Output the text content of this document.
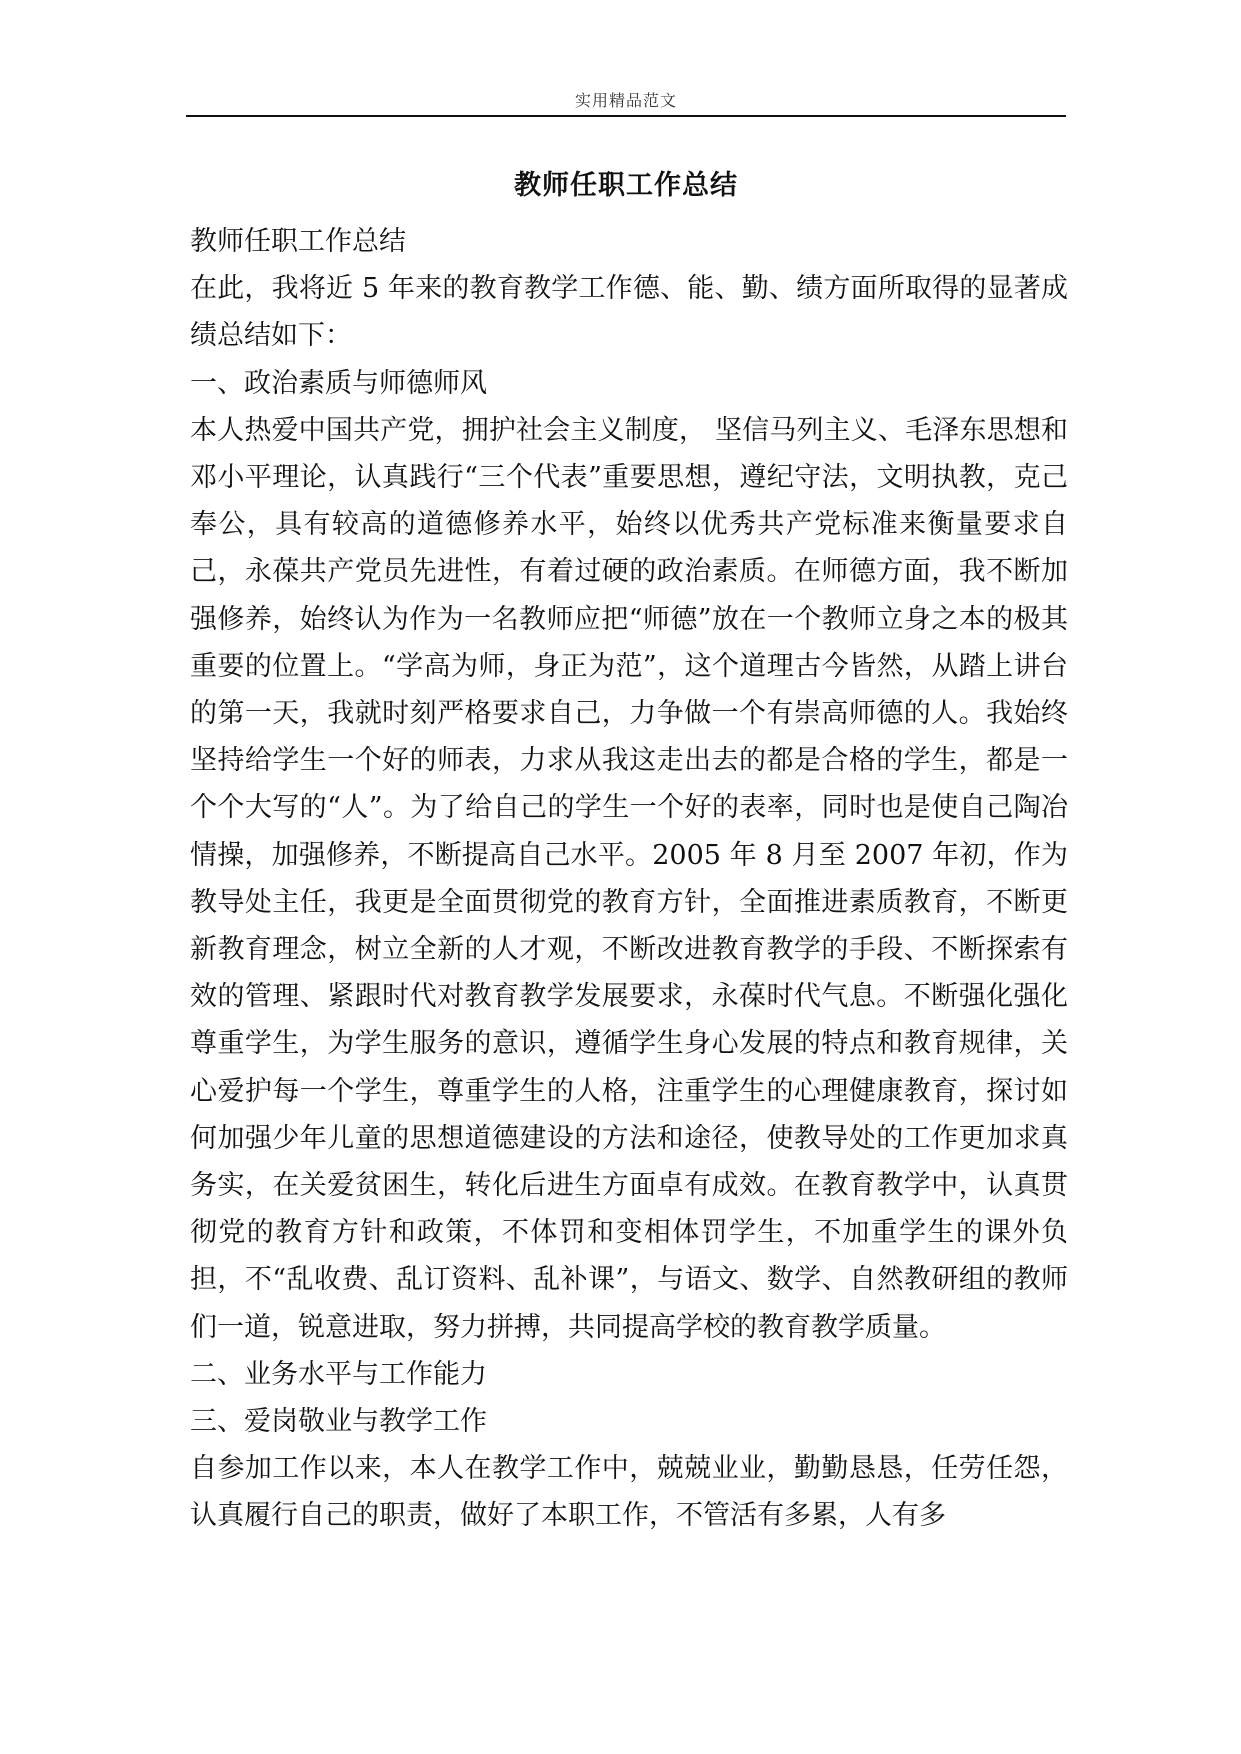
实用精品范文
教师任职工作总结

教师任职工作总结

在此，我将近 5 年来的教育教学工作德、能、勤、绩方面所取得的显著成绩总结如下：

一、政治素质与师德师风

本人热爱中国共产党，拥护社会主义制度， 坚信马列主义、毛泽东思想和邓小平理论，认真践行“三个代表”重要思想，遵纪守法，文明执教，克己奉公，具有较高的道德修养水平，始终以优秀共产党标准来衡量要求自己，永葆共产党员先进性，有着过硬的政治素质。在师德方面，我不断加强修养，始终认为作为一名教师应把“师德”放在一个教师立身之本的极其重要的位置上。“学高为师，身正为范”，这个道理古今皆然，从踏上讲台的第一天，我就时刻严格要求自己，力争做一个有崇高师德的人。我始终坚持给学生一个好的师表，力求从我这走出去的都是合格的学生，都是一个个大写的“人”。为了给自己的学生一个好的表率，同时也是使自己陶冶情操，加强修养，不断提高自己水平。2005 年 8 月至 2007 年初，作为教导处主任，我更是全面贯彻党的教育方针，全面推进素质教育，不断更新教育理念，树立全新的人才观，不断改进教育教学的手段、不断探索有效的管理、紧跟时代对教育教学发展要求，永葆时代气息。不断强化强化尊重学生，为学生服务的意识，遵循学生身心发展的特点和教育规律，关心爱护每一个学生，尊重学生的人格，注重学生的心理健康教育，探讨如何加强少年儿童的思想道德建设的方法和途径，使教导处的工作更加求真务实，在关爱贫困生，转化后进生方面卓有成效。在教育教学中，认真贯彻党的教育方针和政策，不体罚和变相体罚学生，不加重学生的课外负担，不“乱收费、乱订资料、乱补课”，与语文、数学、自然教研组的教师们一道，锐意进取，努力拼搏，共同提高学校的教育教学质量。

二、业务水平与工作能力

三、爱岗敬业与教学工作

自参加工作以来，本人在教学工作中，兢兢业业，勤勤恳恳，任劳任怨，认真履行自己的职责，做好了本职工作，不管活有多累，人有多
